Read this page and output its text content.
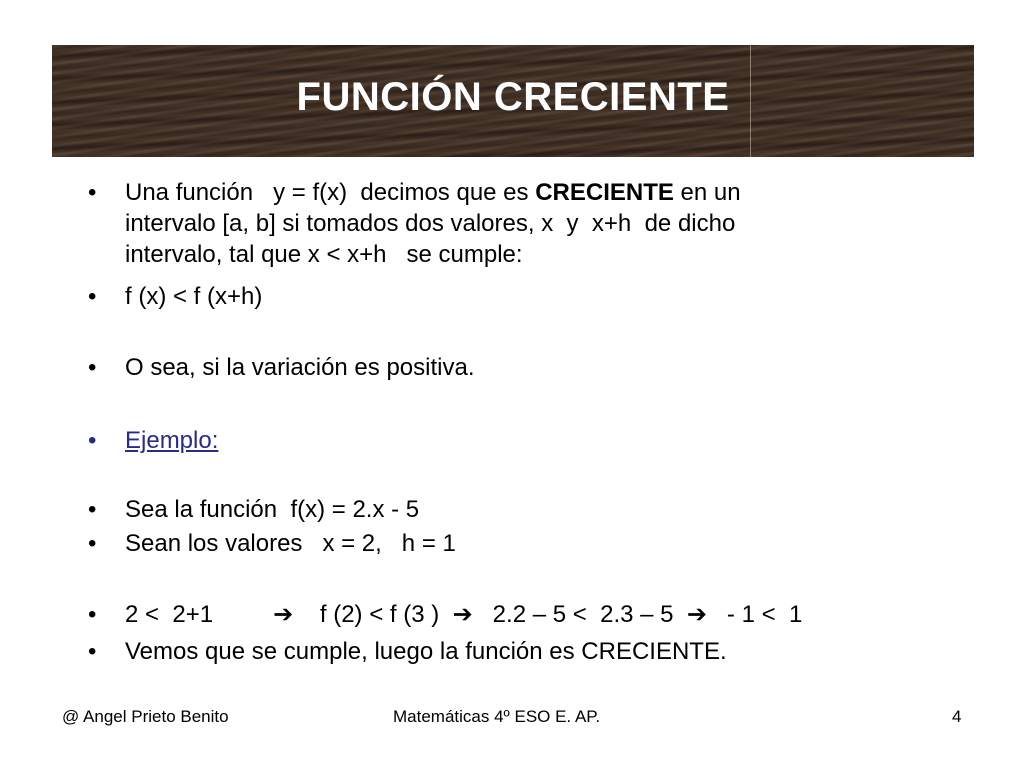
FUNCIÓN CRECIENTE
•	Una función   y = f(x)  decimos que es CRECIENTE en un
intervalo [a, b] si tomados dos valores, x  y  x+h  de dicho
intervalo, tal que x < x+h   se cumple:
•	f (x) < f (x+h)
•	O sea, si la variación es positiva.
•	Ejemplo:
•	Sea la función  f(x) = 2.x - 5
•	Sean los valores   x = 2,   h = 1
•	2 <  2+1         ➔    f (2) < f (3 )  ➔   2.2 – 5 <  2.3 – 5  ➔   - 1 <  1
•	Vemos que se cumple, luego la función es CRECIENTE.
@ Angel Prieto Benito	Matemáticas 4º ESO E. AP.	4
